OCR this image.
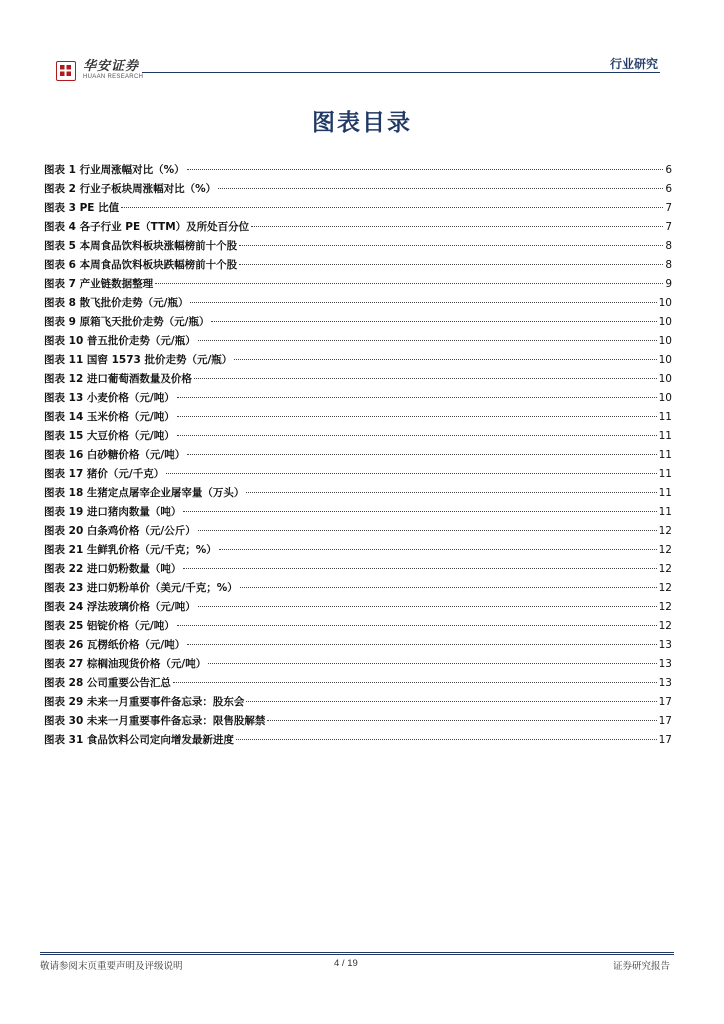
华安证券
HUAAN RESEARCH
行业研究
图表目录
图表 1 行业周涨幅对比（%）	6
图表 2 行业子板块周涨幅对比（%）	6
图表 3 PE 比值	7
图表 4 各子行业 PE（TTM）及所处百分位	7
图表 5 本周食品饮料板块涨幅榜前十个股	8
图表 6 本周食品饮料板块跌幅榜前十个股	8
图表 7 产业链数据整理	9
图表 8 散飞批价走势（元/瓶）	10
图表 9 原箱飞天批价走势（元/瓶）	10
图表 10 普五批价走势（元/瓶）	10
图表 11 国窖 1573 批价走势（元/瓶）	10
图表 12 进口葡萄酒数量及价格	10
图表 13 小麦价格（元/吨）	10
图表 14 玉米价格（元/吨）	11
图表 15 大豆价格（元/吨）	11
图表 16 白砂糖价格（元/吨）	11
图表 17 猪价（元/千克）	11
图表 18 生猪定点屠宰企业屠宰量（万头）	11
图表 19 进口猪肉数量（吨）	11
图表 20 白条鸡价格（元/公斤）	12
图表 21 生鲜乳价格（元/千克；%）	12
图表 22 进口奶粉数量（吨）	12
图表 23 进口奶粉单价（美元/千克；%）	12
图表 24 浮法玻璃价格（元/吨）	12
图表 25 铝锭价格（元/吨）	12
图表 26 瓦楞纸价格（元/吨）	13
图表 27 棕榈油现货价格（元/吨）	13
图表 28 公司重要公告汇总	13
图表 29 未来一月重要事件备忘录：股东会	17
图表 30 未来一月重要事件备忘录：限售股解禁	17
图表 31 食品饮料公司定向增发最新进度	17
敬请参阅末页重要声明及评级说明	4 / 19	证券研究报告
